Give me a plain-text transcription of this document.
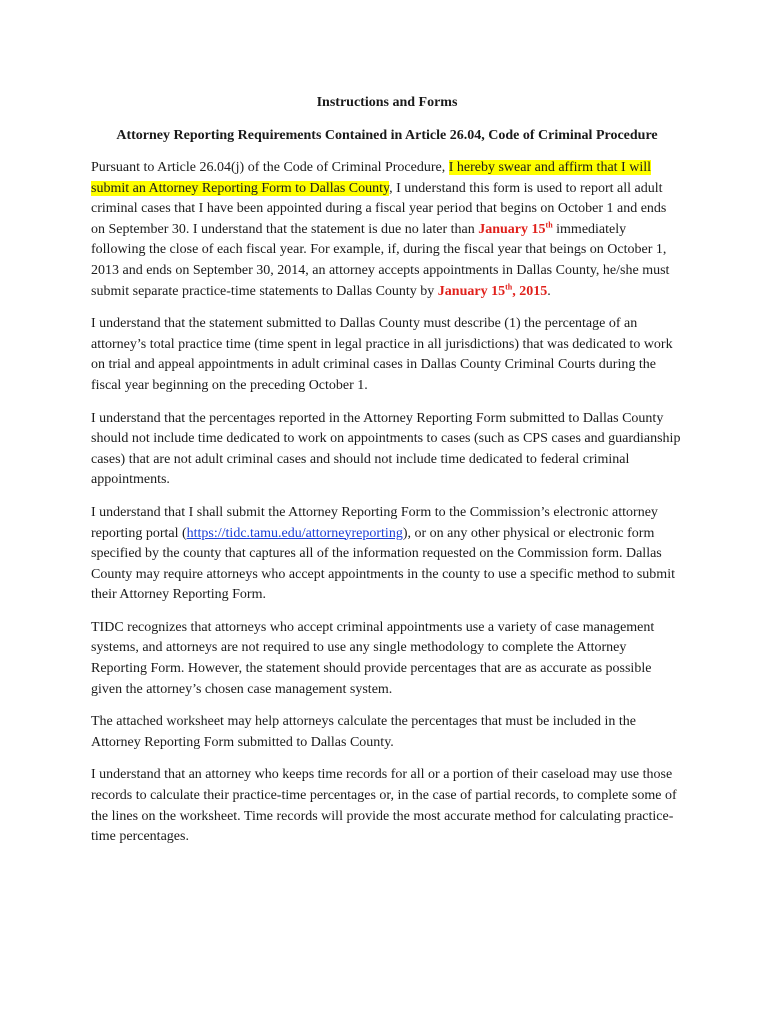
Instructions and Forms
Attorney Reporting Requirements Contained in Article 26.04, Code of Criminal Procedure

Pursuant to Article 26.04(j) of the Code of Criminal Procedure, I hereby swear and affirm that I will submit an Attorney Reporting Form to Dallas County, I understand this form is used to report all adult criminal cases that I have been appointed during a fiscal year period that begins on October 1 and ends on September 30. I understand that the statement is due no later than January 15th immediately following the close of each fiscal year. For example, if, during the fiscal year that beings on October 1, 2013 and ends on September 30, 2014, an attorney accepts appointments in Dallas County, he/she must submit separate practice-time statements to Dallas County by January 15th, 2015.

I understand that the statement submitted to Dallas County must describe (1) the percentage of an attorney’s total practice time (time spent in legal practice in all jurisdictions) that was dedicated to work on trial and appeal appointments in adult criminal cases in Dallas County Criminal Courts during the fiscal year beginning on the preceding October 1.

I understand that the percentages reported in the Attorney Reporting Form submitted to Dallas County should not include time dedicated to work on appointments to cases (such as CPS cases and guardianship cases) that are not adult criminal cases and should not include time dedicated to federal criminal appointments.

I understand that I shall submit the Attorney Reporting Form to the Commission’s electronic attorney reporting portal (https://tidc.tamu.edu/attorneyreporting), or on any other physical or electronic form specified by the county that captures all of the information requested on the Commission form. Dallas County may require attorneys who accept appointments in the county to use a specific method to submit their Attorney Reporting Form.

TIDC recognizes that attorneys who accept criminal appointments use a variety of case management systems, and attorneys are not required to use any single methodology to complete the Attorney Reporting Form. However, the statement should provide percentages that are as accurate as possible given the attorney’s chosen case management system.

The attached worksheet may help attorneys calculate the percentages that must be included in the Attorney Reporting Form submitted to Dallas County.

I understand that an attorney who keeps time records for all or a portion of their caseload may use those records to calculate their practice-time percentages or, in the case of partial records, to complete some of the lines on the worksheet. Time records will provide the most accurate method for calculating practice-time percentages.
